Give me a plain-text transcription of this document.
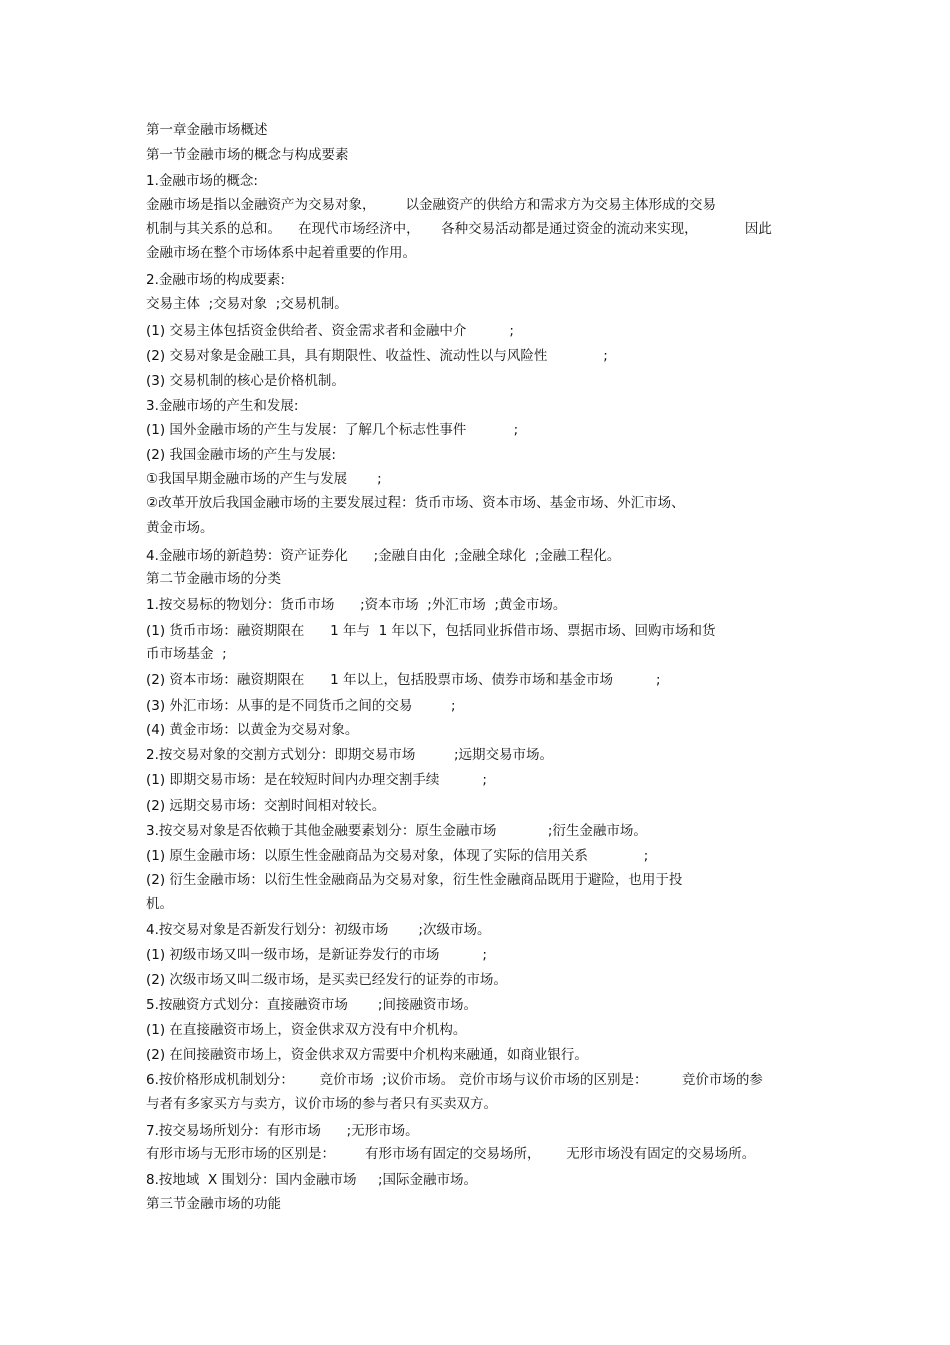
第一章金融市场概述
第一节金融市场的概念与构成要素
1.金融市场的概念:
金融市场是指以金融资产为交易对象，       以金融资产的供给方和需求方为交易主体形成的交易
机制与其关系的总和。    在现代市场经济中，     各种交易活动都是通过资金的流动来实现，           因此
金融市场在整个市场体系中起着重要的作用。
2.金融市场的构成要素:
交易主体  ;交易对象  ;交易机制。
(1) 交易主体包括资金供给者、资金需求者和金融中介          ;
(2) 交易对象是金融工具，具有期限性、收益性、流动性以与风险性             ;
(3) 交易机制的核心是价格机制。
3.金融市场的产生和发展:
(1) 国外金融市场的产生与发展：了解几个标志性事件           ;
(2) 我国金融市场的产生与发展:
①我国早期金融市场的产生与发展       ;
②改革开放后我国金融市场的主要发展过程：货币市场、资本市场、基金市场、外汇市场、
黄金市场。
4.金融市场的新趋势：资产证券化      ;金融自由化  ;金融全球化  ;金融工程化。
第二节金融市场的分类
1.按交易标的物划分：货币市场      ;资本市场  ;外汇市场  ;黄金市场。
(1) 货币市场：融资期限在      1 年与  1 年以下，包括同业拆借市场、票据市场、回购市场和货
币市场基金  ;
(2) 资本市场：融资期限在      1 年以上，包括股票市场、债券市场和基金市场          ;
(3) 外汇市场：从事的是不同货币之间的交易         ;
(4) 黄金市场：以黄金为交易对象。
2.按交易对象的交割方式划分：即期交易市场         ;远期交易市场。
(1) 即期交易市场：是在较短时间内办理交割手续          ;
(2) 远期交易市场：交割时间相对较长。
3.按交易对象是否依赖于其他金融要素划分：原生金融市场            ;衍生金融市场。
(1) 原生金融市场：以原生性金融商品为交易对象，体现了实际的信用关系             ;
(2) 衍生金融市场：以衍生性金融商品为交易对象，衍生性金融商品既用于避险，也用于投
机。
4.按交易对象是否新发行划分：初级市场       ;次级市场。
(1) 初级市场又叫一级市场，是新证券发行的市场          ;
(2) 次级市场又叫二级市场，是买卖已经发行的证券的市场。
5.按融资方式划分：直接融资市场       ;间接融资市场。
(1) 在直接融资市场上，资金供求双方没有中介机构。
(2) 在间接融资市场上，资金供求双方需要中介机构来融通，如商业银行。
6.按价格形成机制划分：      竞价市场  ;议价市场。 竞价市场与议价市场的区别是：        竞价市场的参
与者有多家买方与卖方，议价市场的参与者只有买卖双方。
7.按交易场所划分：有形市场      ;无形市场。
有形市场与无形市场的区别是：       有形市场有固定的交易场所，      无形市场没有固定的交易场所。
8.按地域  X 围划分：国内金融市场     ;国际金融市场。
第三节金融市场的功能
